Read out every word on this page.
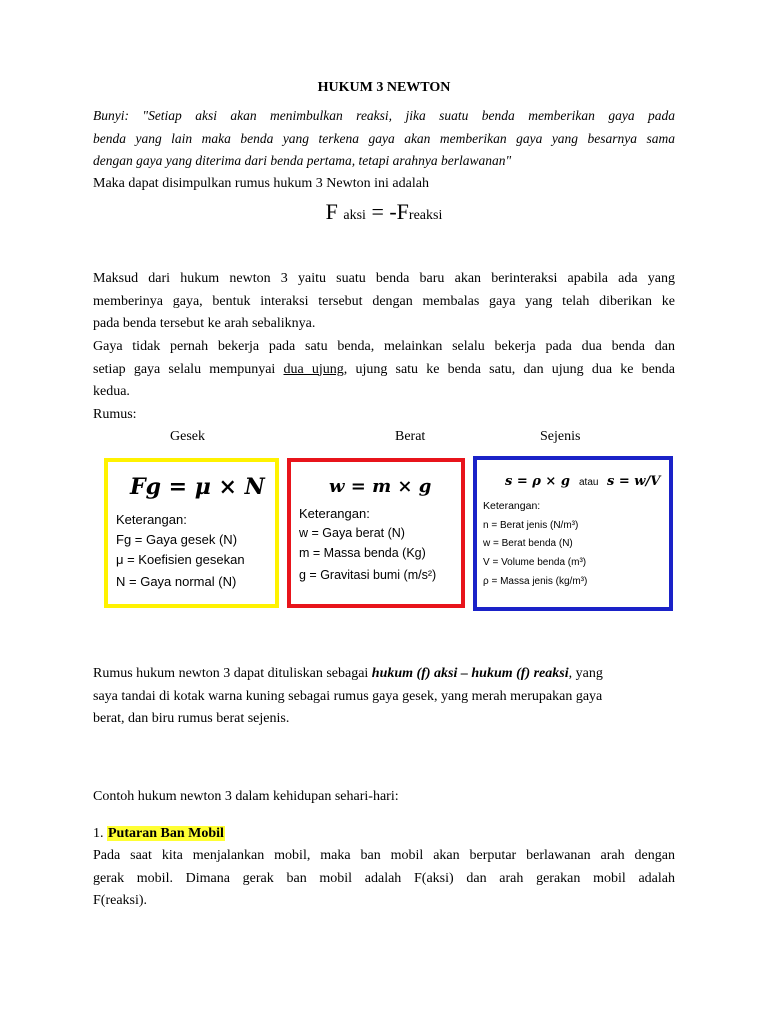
HUKUM 3 NEWTON
Bunyi: "Setiap aksi akan menimbulkan reaksi, jika suatu benda memberikan gaya pada
benda yang lain maka benda yang terkena gaya akan memberikan gaya yang besarnya sama
dengan gaya yang diterima dari benda pertama, tetapi arahnya berlawanan"
Maka dapat disimpulkan rumus hukum 3 Newton ini adalah
F aksi = -Freaksi
Maksud dari hukum newton 3 yaitu suatu benda baru akan berinteraksi apabila ada yang
memberinya gaya, bentuk interaksi tersebut dengan membalas gaya yang telah diberikan ke
pada benda tersebut ke arah sebaliknya.
Gaya tidak pernah bekerja pada satu benda, melainkan selalu bekerja pada dua benda dan
setiap gaya selalu mempunyai dua ujung, ujung satu ke benda satu, dan ujung dua ke benda
kedua.
Rumus:
Gesek	Berat	Sejenis
Fg = μ × N
Keterangan:
Fg = Gaya gesek (N)
μ = Koefisien gesekan
N = Gaya normal (N)
w = m × g
Keterangan:
w = Gaya berat (N)
m = Massa benda (Kg)
g = Gravitasi bumi (m/s²)
s = ρ × g atau s = w/V
Keterangan:
n = Berat jenis (N/m³)
w = Berat benda (N)
V = Volume benda (m³)
ρ = Massa jenis (kg/m³)
Rumus hukum newton 3 dapat dituliskan sebagai hukum (f) aksi – hukum (f) reaksi, yang
saya tandai di kotak warna kuning sebagai rumus gaya gesek, yang merah merupakan gaya
berat, dan biru rumus berat sejenis.
Contoh hukum newton 3 dalam kehidupan sehari-hari:
1. Putaran Ban Mobil
Pada saat kita menjalankan mobil, maka ban mobil akan berputar berlawanan arah dengan
gerak mobil. Dimana gerak ban mobil adalah F(aksi) dan arah gerakan mobil adalah
F(reaksi).
